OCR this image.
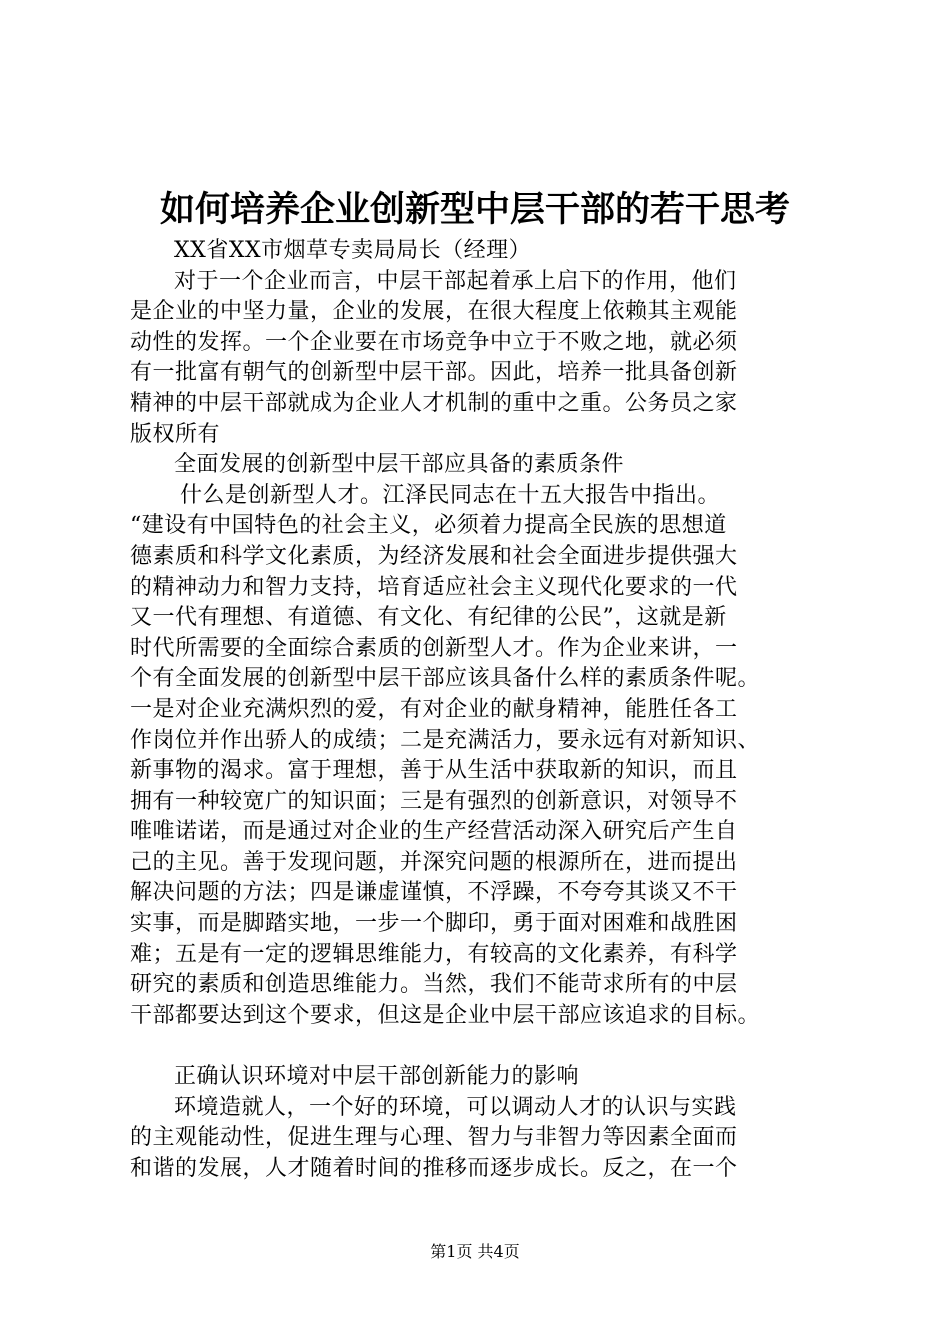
如何培养企业创新型中层干部的若干思考
XX省XX市烟草专卖局局长（经理）
对于一个企业而言，中层干部起着承上启下的作用，他们
是企业的中坚力量，企业的发展，在很大程度上依赖其主观能
动性的发挥。一个企业要在市场竞争中立于不败之地，就必须
有一批富有朝气的创新型中层干部。因此，培养一批具备创新
精神的中层干部就成为企业人才机制的重中之重。公务员之家
版权所有
全面发展的创新型中层干部应具备的素质条件
什么是创新型人才。江泽民同志在十五大报告中指出。
“建设有中国特色的社会主义，必须着力提高全民族的思想道
德素质和科学文化素质，为经济发展和社会全面进步提供强大
的精神动力和智力支持，培育适应社会主义现代化要求的一代
又一代有理想、有道德、有文化、有纪律的公民”，这就是新
时代所需要的全面综合素质的创新型人才。作为企业来讲，一
个有全面发展的创新型中层干部应该具备什么样的素质条件呢。
一是对企业充满炽烈的爱，有对企业的献身精神，能胜任各工
作岗位并作出骄人的成绩；二是充满活力，要永远有对新知识、
新事物的渴求。富于理想，善于从生活中获取新的知识，而且
拥有一种较宽广的知识面；三是有强烈的创新意识，对领导不
唯唯诺诺，而是通过对企业的生产经营活动深入研究后产生自
己的主见。善于发现问题，并深究问题的根源所在，进而提出
解决问题的方法；四是谦虚谨慎，不浮躁，不夸夸其谈又不干
实事，而是脚踏实地，一步一个脚印，勇于面对困难和战胜困
难；五是有一定的逻辑思维能力，有较高的文化素养，有科学
研究的素质和创造思维能力。当然，我们不能苛求所有的中层
干部都要达到这个要求，但这是企业中层干部应该追求的目标。
正确认识环境对中层干部创新能力的影响
环境造就人，一个好的环境，可以调动人才的认识与实践
的主观能动性，促进生理与心理、智力与非智力等因素全面而
和谐的发展，人才随着时间的推移而逐步成长。反之，在一个
第1页 共4页
